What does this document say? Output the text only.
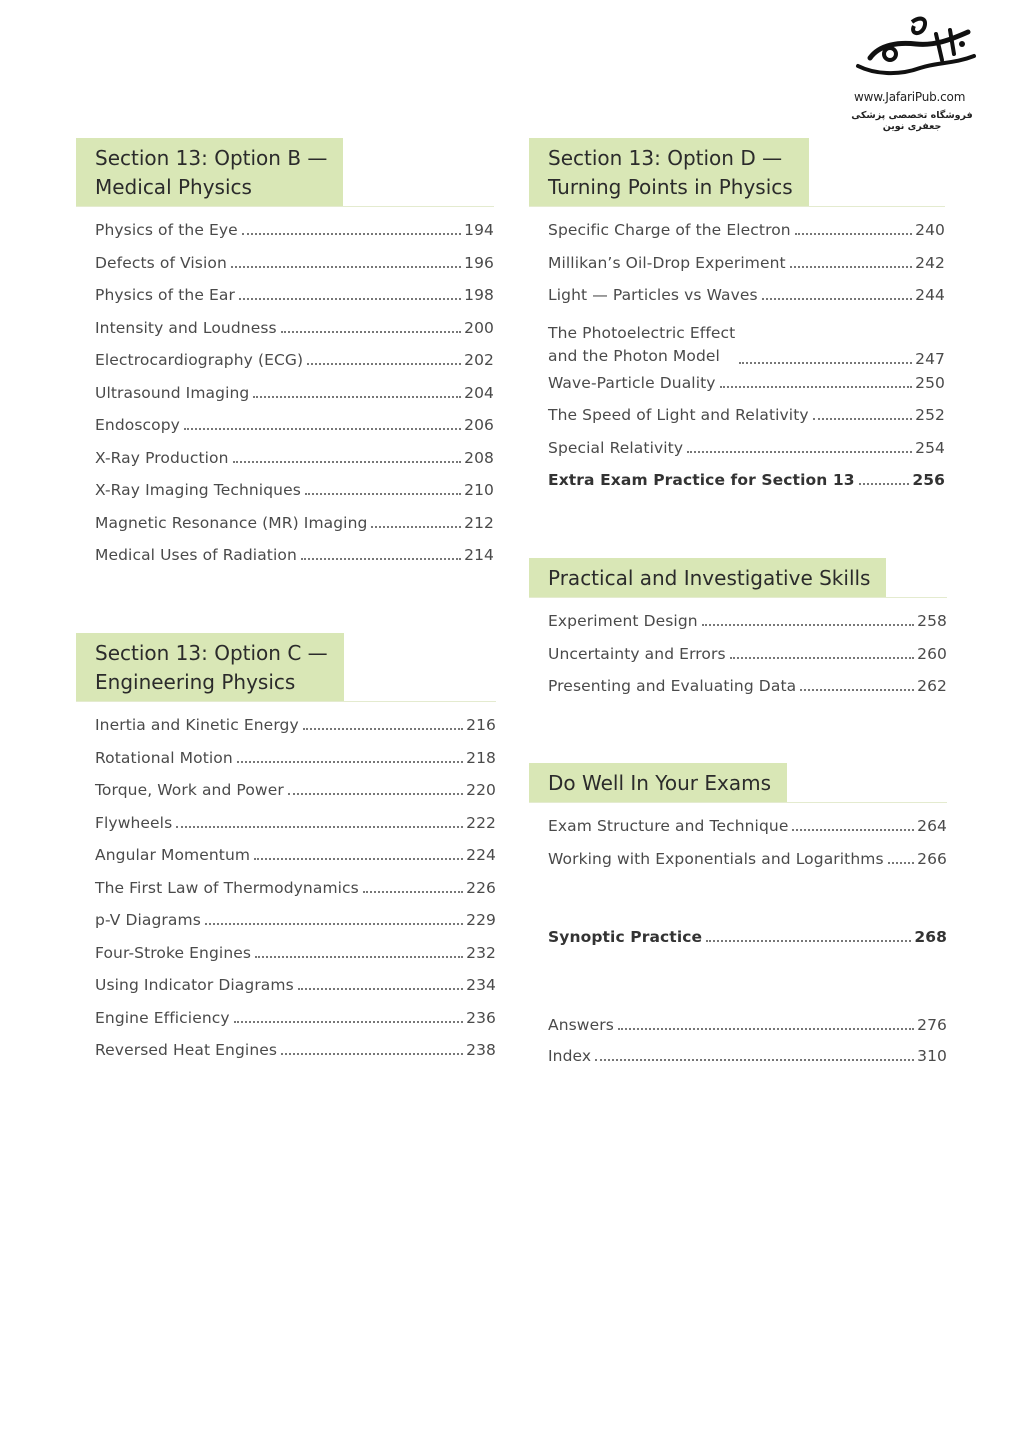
www.JafariPub.com
فروشگاه تخصصی پزشکی جعفری نوین
Section 13: Option B —
Medical Physics
Physics of the Eye	194
Defects of Vision	196
Physics of the Ear	198
Intensity and Loudness	200
Electrocardiography (ECG)	202
Ultrasound Imaging	204
Endoscopy	206
X-Ray Production	208
X-Ray Imaging Techniques	210
Magnetic Resonance (MR) Imaging	212
Medical Uses of Radiation	214
Section 13: Option C —
Engineering Physics
Inertia and Kinetic Energy	216
Rotational Motion	218
Torque, Work and Power	220
Flywheels	222
Angular Momentum	224
The First Law of Thermodynamics	226
p-V Diagrams	229
Four-Stroke Engines	232
Using Indicator Diagrams	234
Engine Efficiency	236
Reversed Heat Engines	238
Section 13: Option D —
Turning Points in Physics
Specific Charge of the Electron	240
Millikan’s Oil-Drop Experiment	242
Light — Particles vs Waves	244
The Photoelectric Effect
and the Photon Model	247
Wave-Particle Duality	250
The Speed of Light and Relativity	252
Special Relativity	254
Extra Exam Practice for Section 13	256
Practical and Investigative Skills
Experiment Design	258
Uncertainty and Errors	260
Presenting and Evaluating Data	262
Do Well In Your Exams
Exam Structure and Technique	264
Working with Exponentials and Logarithms 266
Synoptic Practice	268
Answers	276
Index	310
